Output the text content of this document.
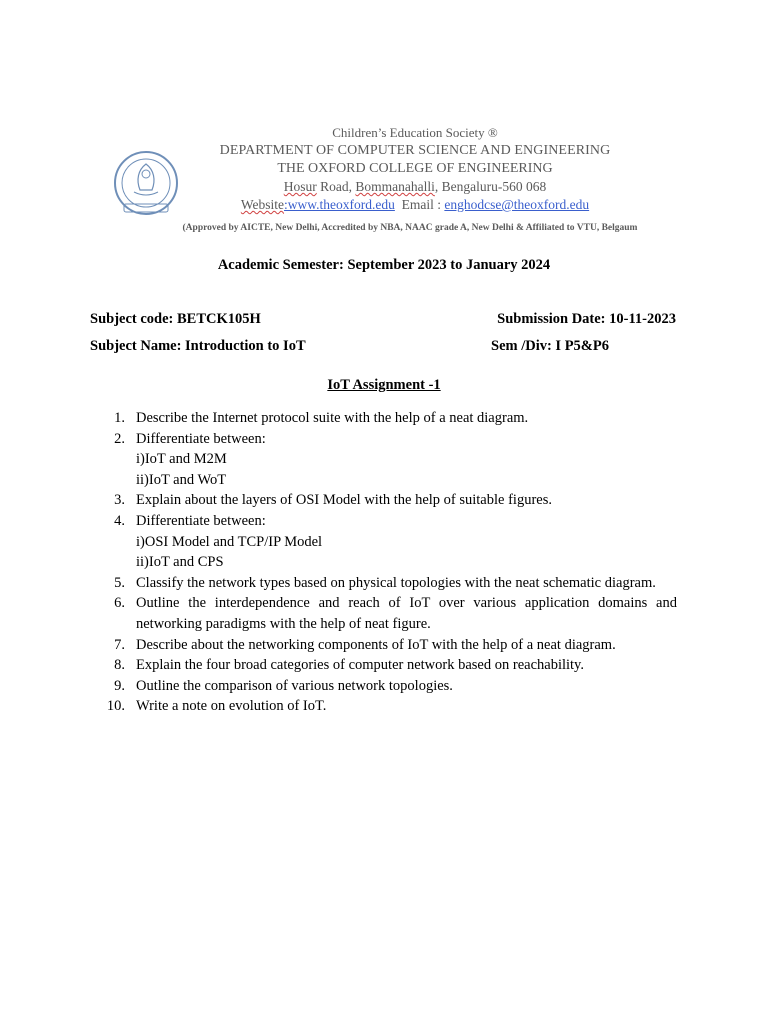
Children’s Education Society ®
DEPARTMENT OF COMPUTER SCIENCE AND ENGINEERING
THE OXFORD COLLEGE OF ENGINEERING
Hosur Road, Bommanahalli, Bengaluru-560 068
Website:www.theoxford.edu Email : enghodcse@theoxford.edu
(Approved by AICTE, New Delhi, Accredited by NBA, NAAC grade A, New Delhi & Affiliated to VTU, Belgaum
Academic Semester: September 2023 to January 2024
Subject code: BETCK105H	Submission Date: 10-11-2023
Subject Name: Introduction to IoT	Sem /Div: I P5&P6
IoT Assignment -1
1. Describe the Internet protocol suite with the help of a neat diagram.
2. Differentiate between:
i)IoT and M2M
ii)IoT and WoT
3. Explain about the layers of OSI Model with the help of suitable figures.
4. Differentiate between:
i)OSI Model and TCP/IP Model
ii)IoT and CPS
5. Classify the network types based on physical topologies with the neat schematic diagram.
6. Outline the interdependence and reach of IoT over various application domains and networking paradigms with the help of neat figure.
7. Describe about the networking components of IoT with the help of a neat diagram.
8. Explain the four broad categories of computer network based on reachability.
9. Outline the comparison of various network topologies.
10. Write a note on evolution of IoT.
